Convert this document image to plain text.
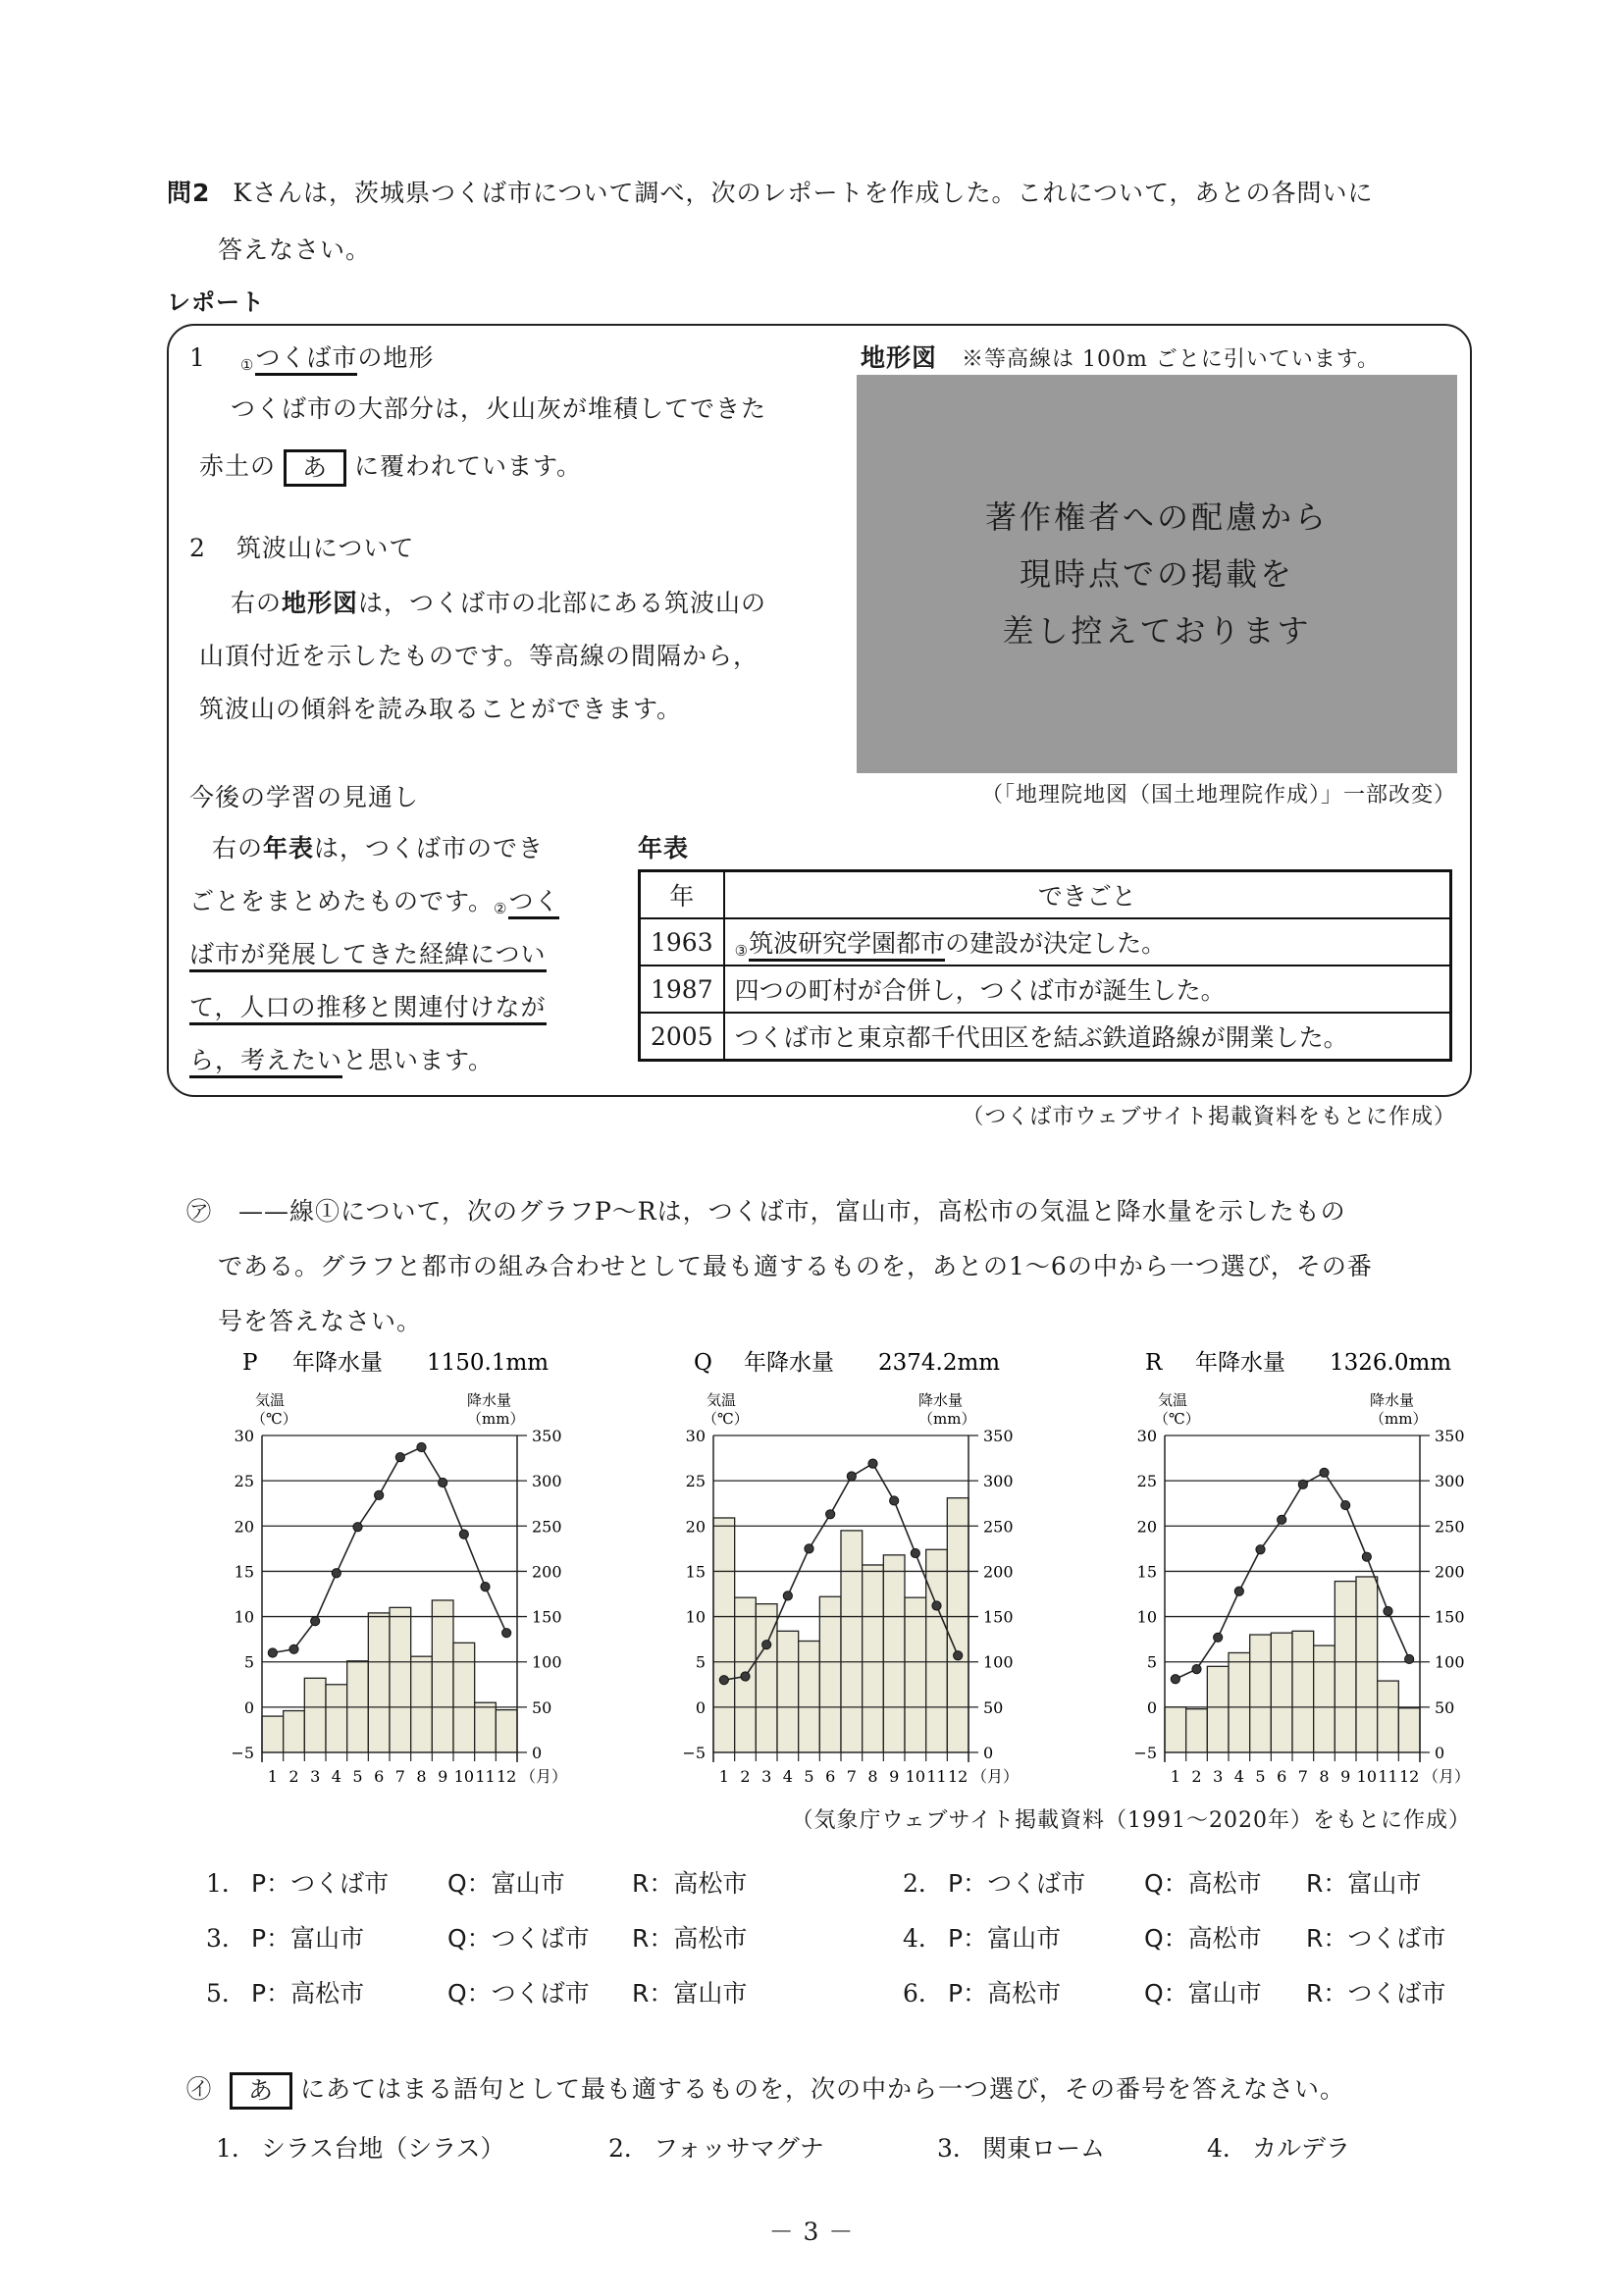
問2 Kさんは，茨城県つくば市について調べ，次のレポートを作成した。これについて，あとの各問いに
答えなさい。
レポート
1 ①つくば市の地形
つくば市の大部分は，火山灰が堆積してできた
赤土の あ に覆われています。
2 筑波山について
右の地形図は，つくば市の北部にある筑波山の
山頂付近を示したものです。等高線の間隔から，
筑波山の傾斜を読み取ることができます。
地形図 ※等高線は 100m ごとに引いています。
著作権者への配慮から
現時点での掲載を
差し控えております
（「地理院地図（国土地理院作成）」一部改変）
今後の学習の見通し
右の年表は，つくば市のでき
ごとをまとめたものです。②つく
ば市が発展してきた経緯につい
て，人口の推移と関連付けなが
ら，考えたいと思います。
年表
年	できごと
1963	③筑波研究学園都市の建設が決定した。
1987	四つの町村が合併し，つくば市が誕生した。
2005	つくば市と東京都千代田区を結ぶ鉄道路線が開業した。
（つくば市ウェブサイト掲載資料をもとに作成）
㋐ ——線①について，次のグラフP～Rは，つくば市，富山市，高松市の気温と降水量を示したもの
である。グラフと都市の組み合わせとして最も適するものを，あとの1～6の中から一つ選び，その番
号を答えなさい。
P 年降水量 1150.1mm
気温
（℃）
降水量
（mm）
−5	0
0	50
5	100
10	150
15	200
20	250
25	300
30	350
1 2 3 4 5 6 7 8 9 10 11 12 （月）
Q 年降水量 2374.2mm
気温
（℃）
降水量
（mm）
−5	0
0	50
5	100
10	150
15	200
20	250
25	300
30	350
1 2 3 4 5 6 7 8 9 10 11 12 （月）
R 年降水量 1326.0mm
気温
（℃）
降水量
（mm）
−5	0
0	50
5	100
10	150
15	200
20	250
25	300
30	350
1 2 3 4 5 6 7 8 9 10 11 12 （月）
（気象庁ウェブサイト掲載資料（1991～2020年）をもとに作成）
1． P：つくば市 Q：富山市	R：高松市	2． P：つくば市 Q：高松市 R：富山市
3． P：富山市	Q：つくば市 R：高松市	4． P：富山市	Q：高松市 R：つくば市
5． P：高松市	Q：つくば市 R：富山市	6． P：高松市	Q：富山市 R：つくば市
㋑ あ にあてはまる語句として最も適するものを，次の中から一つ選び，その番号を答えなさい。
1． シラス台地（シラス）	2． フォッサマグナ	3． 関東ローム	4． カルデラ
－ 3 －
